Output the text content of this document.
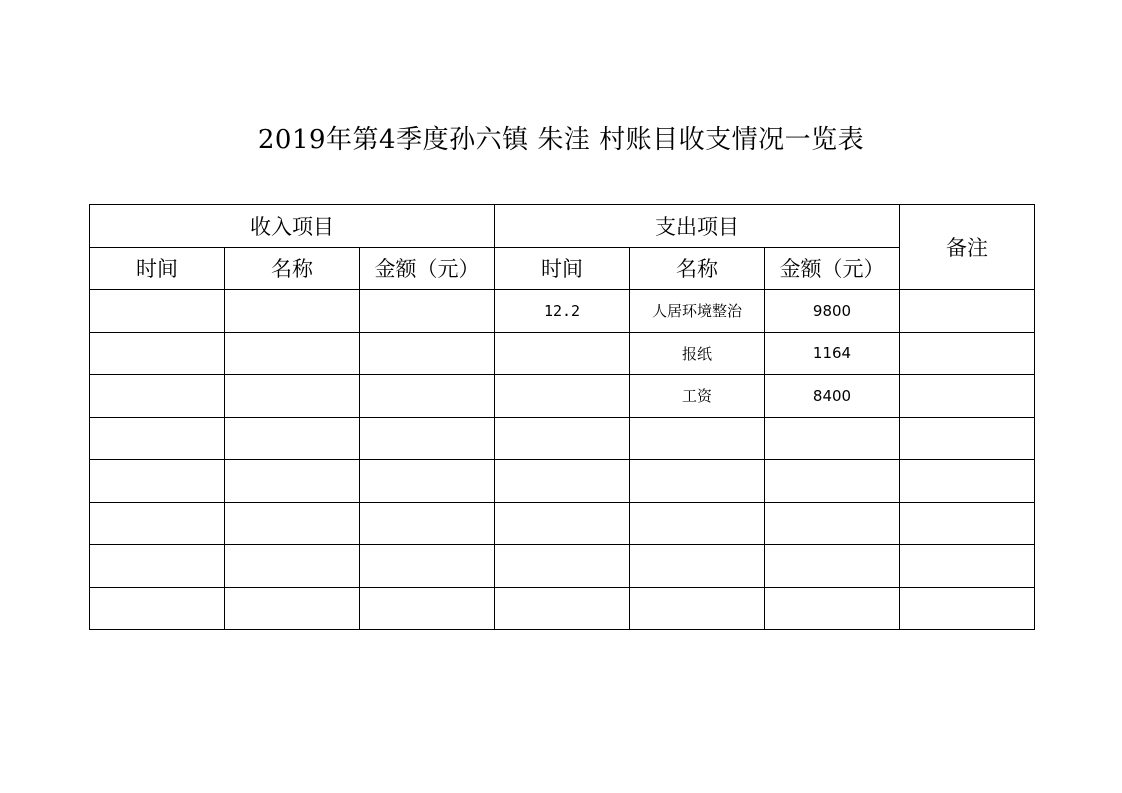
2019年第4季度孙六镇 朱洼 村账目收支情况一览表
收入项目			支出项目			备注
时间	名称	金额（元）	时间	名称	金额（元）	
			12.2	人居环境整治	9800	
				报纸	1164	
				工资	8400	
